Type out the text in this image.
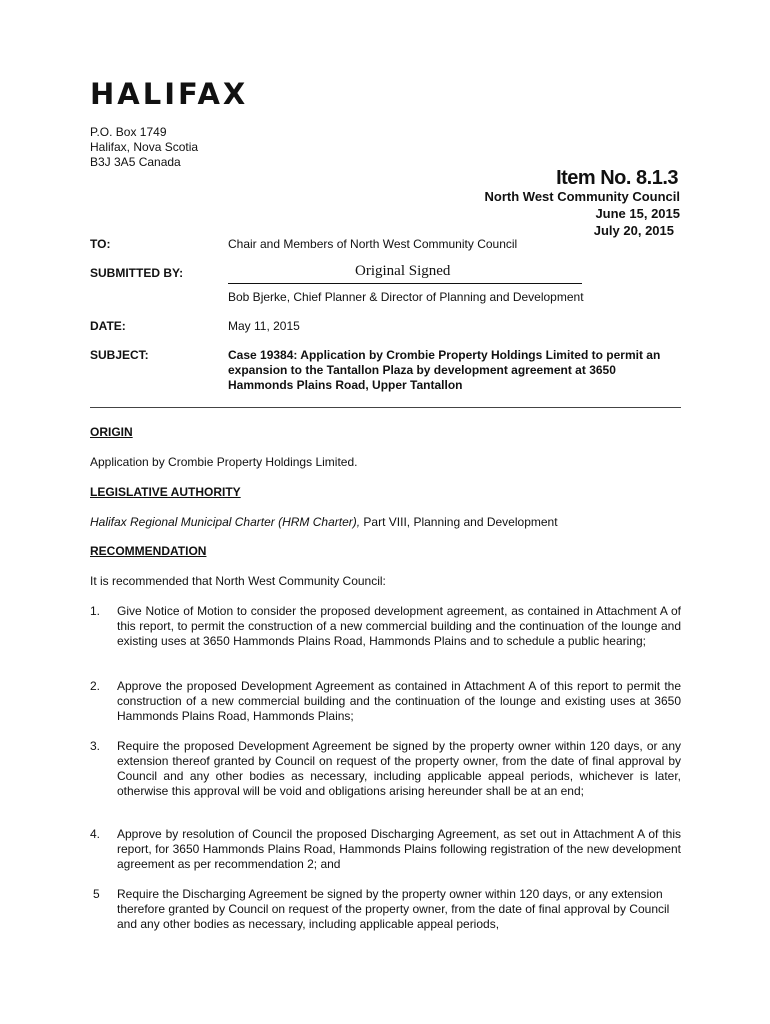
HALIFAX
P.O. Box 1749
Halifax, Nova Scotia
B3J 3A5 Canada
Item No. 8.1.3
North West Community Council
June 15, 2015
July 20, 2015
TO:	Chair and Members of North West Community Council
SUBMITTED BY:	Original Signed
Bob Bjerke, Chief Planner & Director of Planning and Development
DATE:	May 11, 2015
SUBJECT:	Case 19384: Application by Crombie Property Holdings Limited to permit an expansion to the Tantallon Plaza by development agreement at 3650 Hammonds Plains Road, Upper Tantallon
ORIGIN
Application by Crombie Property Holdings Limited.
LEGISLATIVE AUTHORITY
Halifax Regional Municipal Charter (HRM Charter), Part VIII, Planning and Development
RECOMMENDATION
It is recommended that North West Community Council:
1. Give Notice of Motion to consider the proposed development agreement, as contained in Attachment A of this report, to permit the construction of a new commercial building and the continuation of the lounge and existing uses at 3650 Hammonds Plains Road, Hammonds Plains and to schedule a public hearing;
2. Approve the proposed Development Agreement as contained in Attachment A of this report to permit the construction of a new commercial building and the continuation of the lounge and existing uses at 3650 Hammonds Plains Road, Hammonds Plains;
3. Require the proposed Development Agreement be signed by the property owner within 120 days, or any extension thereof granted by Council on request of the property owner, from the date of final approval by Council and any other bodies as necessary, including applicable appeal periods, whichever is later, otherwise this approval will be void and obligations arising hereunder shall be at an end;
4. Approve by resolution of Council the proposed Discharging Agreement, as set out in Attachment A of this report, for 3650 Hammonds Plains Road, Hammonds Plains following registration of the new development agreement as per recommendation 2; and
5 Require the Discharging Agreement be signed by the property owner within 120 days, or any extension therefore granted by Council on request of the property owner, from the date of final approval by Council and any other bodies as necessary, including applicable appeal periods,
